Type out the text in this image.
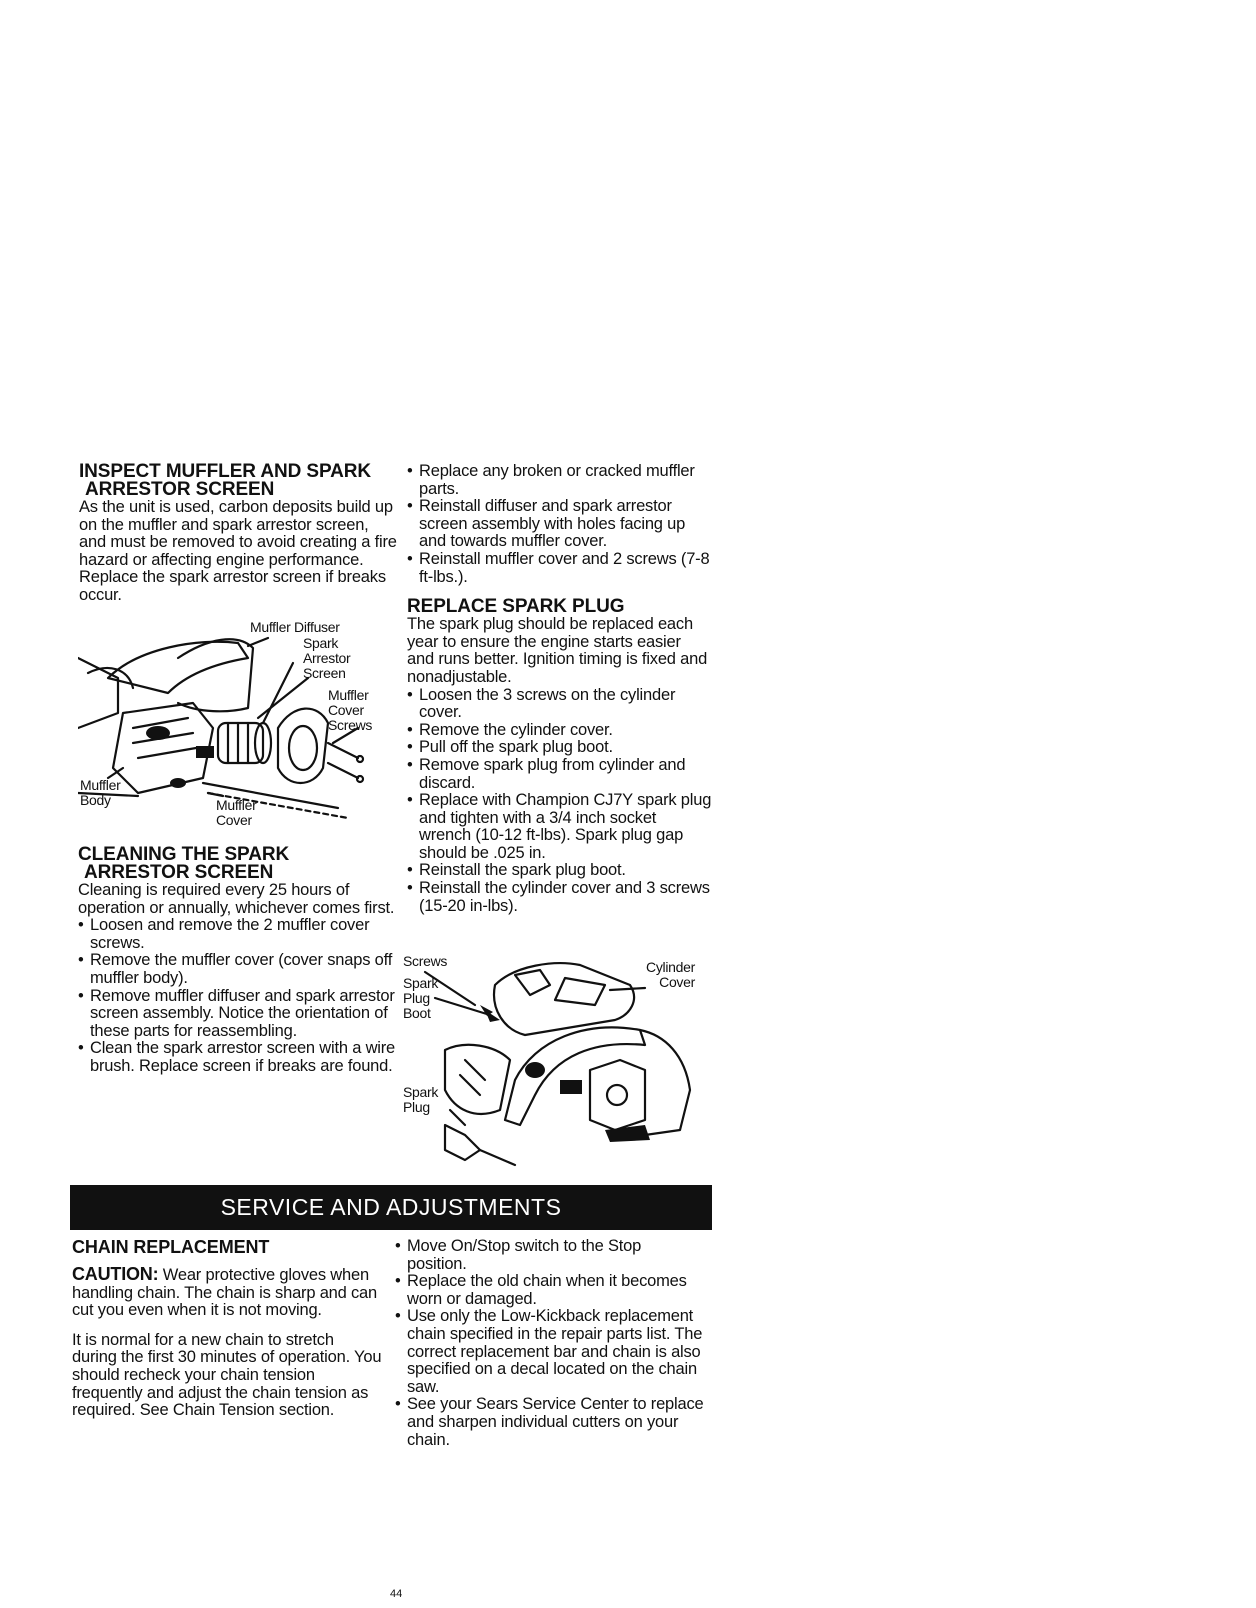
INSPECT MUFFLER AND SPARK
ARRESTOR SCREEN

As the unit is used, carbon deposits build up on the muffler and spark arrestor screen, and must be removed to avoid creating a fire hazard or affecting engine performance.

Replace the spark arrestor screen if breaks occur.

Muffler Diffuser
Spark Arrestor Screen
Muffler Cover Screws
Muffler Body	Muffler Cover
CLEANING THE SPARK
ARRESTOR SCREEN

Cleaning is required every 25 hours of operation or annually, whichever comes first.

• Loosen and remove the 2 muffler cover screws.
• Remove the muffler cover (cover snaps off muffler body).
• Remove muffler diffuser and spark arrestor screen assembly. Notice the orientation of these parts for reassembling.
• Clean the spark arrestor screen with a wire brush. Replace screen if breaks are found.
• Replace any broken or cracked muffler parts.
• Reinstall diffuser and spark arrestor screen assembly with holes facing up and towards muffler cover.
• Reinstall muffler cover and 2 screws (7-8 ft-lbs.).
REPLACE SPARK PLUG

The spark plug should be replaced each year to ensure the engine starts easier and runs better. Ignition timing is fixed and nonadjustable.

• Loosen the 3 screws on the cylinder cover.
• Remove the cylinder cover.
• Pull off the spark plug boot.
• Remove spark plug from cylinder and discard.
• Replace with Champion CJ7Y spark plug and tighten with a 3/4 inch socket wrench (10-12 ft-lbs). Spark plug gap should be .025 in.
• Reinstall the spark plug boot.
• Reinstall the cylinder cover and 3 screws (15-20 in-lbs).
Screws	Cylinder Cover
Spark Plug Boot
Spark Plug
SERVICE AND ADJUSTMENTS
CHAIN REPLACEMENT

CAUTION: Wear protective gloves when handling chain. The chain is sharp and can cut you even when it is not moving.

It is normal for a new chain to stretch during the first 30 minutes of operation. You should recheck your chain tension frequently and adjust the chain tension as required. See Chain Tension section.

• Move On/Stop switch to the Stop position.
• Replace the old chain when it becomes worn or damaged.
• Use only the Low-Kickback replacement chain specified in the repair parts list. The correct replacement bar and chain is also specified on a decal located on the chain saw.
• See your Sears Service Center to replace and sharpen individual cutters on your chain.
44
